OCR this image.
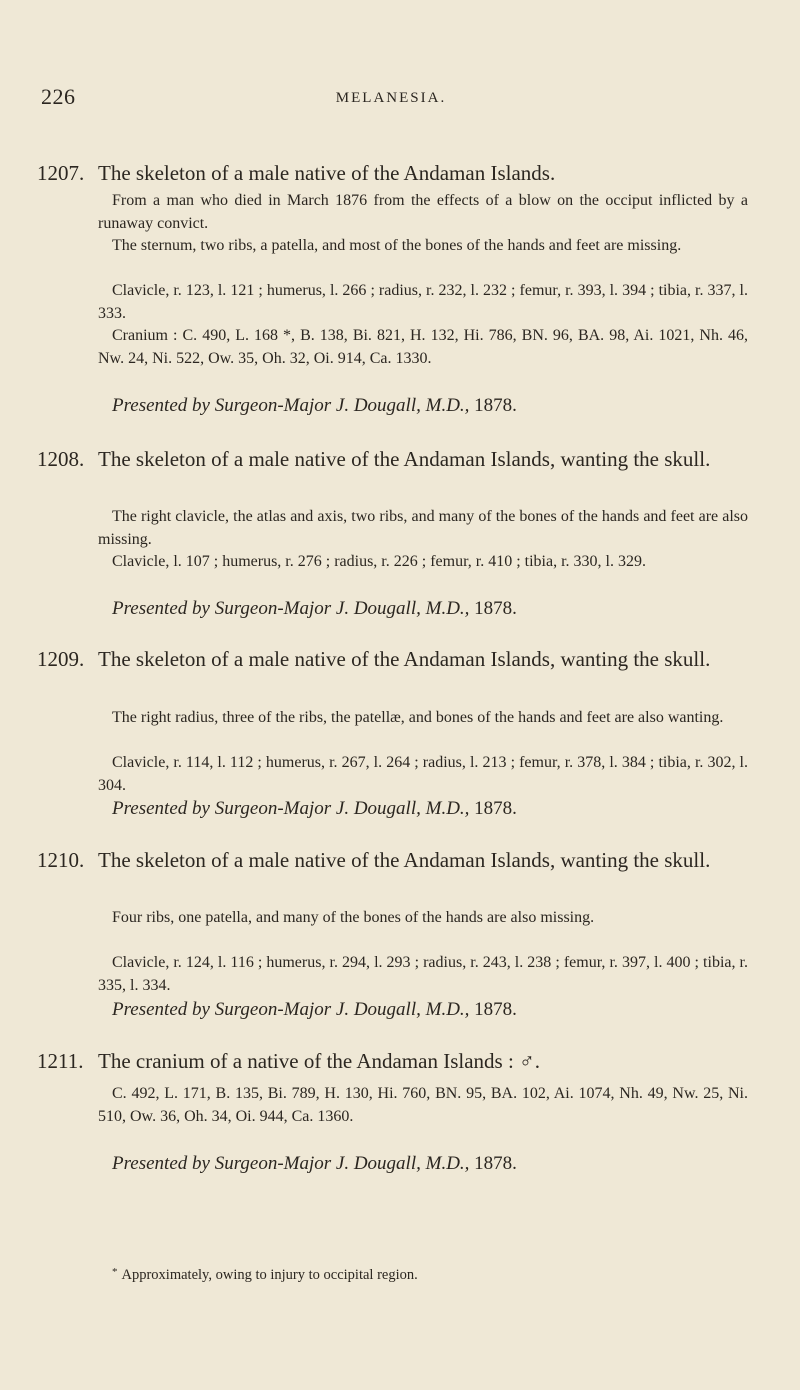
226	MELANESIA.

1207. The skeleton of a male native of the Andaman Islands.

From a man who died in March 1876 from the effects of a blow on the occiput inflicted by a runaway convict.

The sternum, two ribs, a patella, and most of the bones of the hands and feet are missing.

Clavicle, r. 123, l. 121 ; humerus, l. 266 ; radius, r. 232, l. 232 ; femur, r. 393, l. 394 ; tibia, r. 337, l. 333.

Cranium : C. 490, L. 168 *, B. 138, Bi. 821, H. 132, Hi. 786, BN. 96, BA. 98, Ai. 1021, Nh. 46, Nw. 24, Ni. 522, Ow. 35, Oh. 32, Oi. 914, Ca. 1330.

Presented by Surgeon-Major J. Dougall, M.D., 1878.

1208. The skeleton of a male native of the Andaman Islands, wanting the skull.

The right clavicle, the atlas and axis, two ribs, and many of the bones of the hands and feet are also missing.

Clavicle, l. 107 ; humerus, r. 276 ; radius, r. 226 ; femur, r. 410 ; tibia, r. 330, l. 329.

Presented by Surgeon-Major J. Dougall, M.D., 1878.

1209. The skeleton of a male native of the Andaman Islands, wanting the skull.

The right radius, three of the ribs, the patellæ, and bones of the hands and feet are also wanting.

Clavicle, r. 114, l. 112 ; humerus, r. 267, l. 264 ; radius, l. 213 ; femur, r. 378, l. 384 ; tibia, r. 302, l. 304.

Presented by Surgeon-Major J. Dougall, M.D., 1878.

1210. The skeleton of a male native of the Andaman Islands, wanting the skull.

Four ribs, one patella, and many of the bones of the hands are also missing.

Clavicle, r. 124, l. 116 ; humerus, r. 294, l. 293 ; radius, r. 243, l. 238 ; femur, r. 397, l. 400 ; tibia, r. 335, l. 334.

Presented by Surgeon-Major J. Dougall, M.D., 1878.

1211. The cranium of a native of the Andaman Islands : ♂.

C. 492, L. 171, B. 135, Bi. 789, H. 130, Hi. 760, BN. 95, BA. 102, Ai. 1074, Nh. 49, Nw. 25, Ni. 510, Ow. 36, Oh. 34, Oi. 944, Ca. 1360.

Presented by Surgeon-Major J. Dougall, M.D., 1878.

* Approximately, owing to injury to occipital region.
